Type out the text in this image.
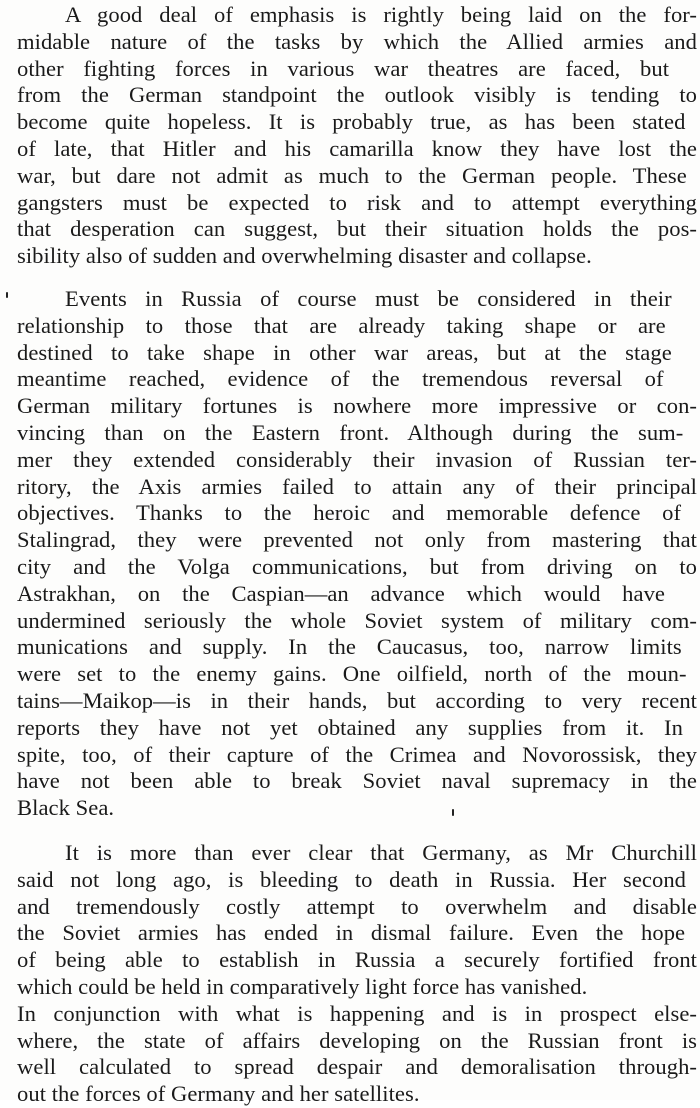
A good deal of emphasis is rightly being laid on the for-
midable nature of the tasks by which the Allied armies and
other fighting forces in various war theatres are faced, but
from the German standpoint the outlook visibly is tending to
become quite hopeless. It is probably true, as has been stated
of late, that Hitler and his camarilla know they have lost the
war, but dare not admit as much to the German people. These
gangsters must be expected to risk and to attempt everything
that desperation can suggest, but their situation holds the pos-
sibility also of sudden and overwhelming disaster and collapse.
Events in Russia of course must be considered in their
relationship to those that are already taking shape or are
destined to take shape in other war areas, but at the stage
meantime reached, evidence of the tremendous reversal of
German military fortunes is nowhere more impressive or con-
vincing than on the Eastern front. Although during the sum-
mer they extended considerably their invasion of Russian ter-
ritory, the Axis armies failed to attain any of their principal
objectives. Thanks to the heroic and memorable defence of
Stalingrad, they were prevented not only from mastering that
city and the Volga communications, but from driving on to
Astrakhan, on the Caspian—an advance which would have
undermined seriously the whole Soviet system of military com-
munications and supply. In the Caucasus, too, narrow limits
were set to the enemy gains. One oilfield, north of the moun-
tains—Maikop—is in their hands, but according to very recent
reports they have not yet obtained any supplies from it. In
spite, too, of their capture of the Crimea and Novorossisk, they
have not been able to break Soviet naval supremacy in the
Black Sea.
It is more than ever clear that Germany, as Mr Churchill
said not long ago, is bleeding to death in Russia. Her second
and tremendously costly attempt to overwhelm and disable
the Soviet armies has ended in dismal failure. Even the hope
of being able to establish in Russia a securely fortified front
which could be held in comparatively light force has vanished.
In conjunction with what is happening and is in prospect else-
where, the state of affairs developing on the Russian front is
well calculated to spread despair and demoralisation through-
out the forces of Germany and her satellites.
